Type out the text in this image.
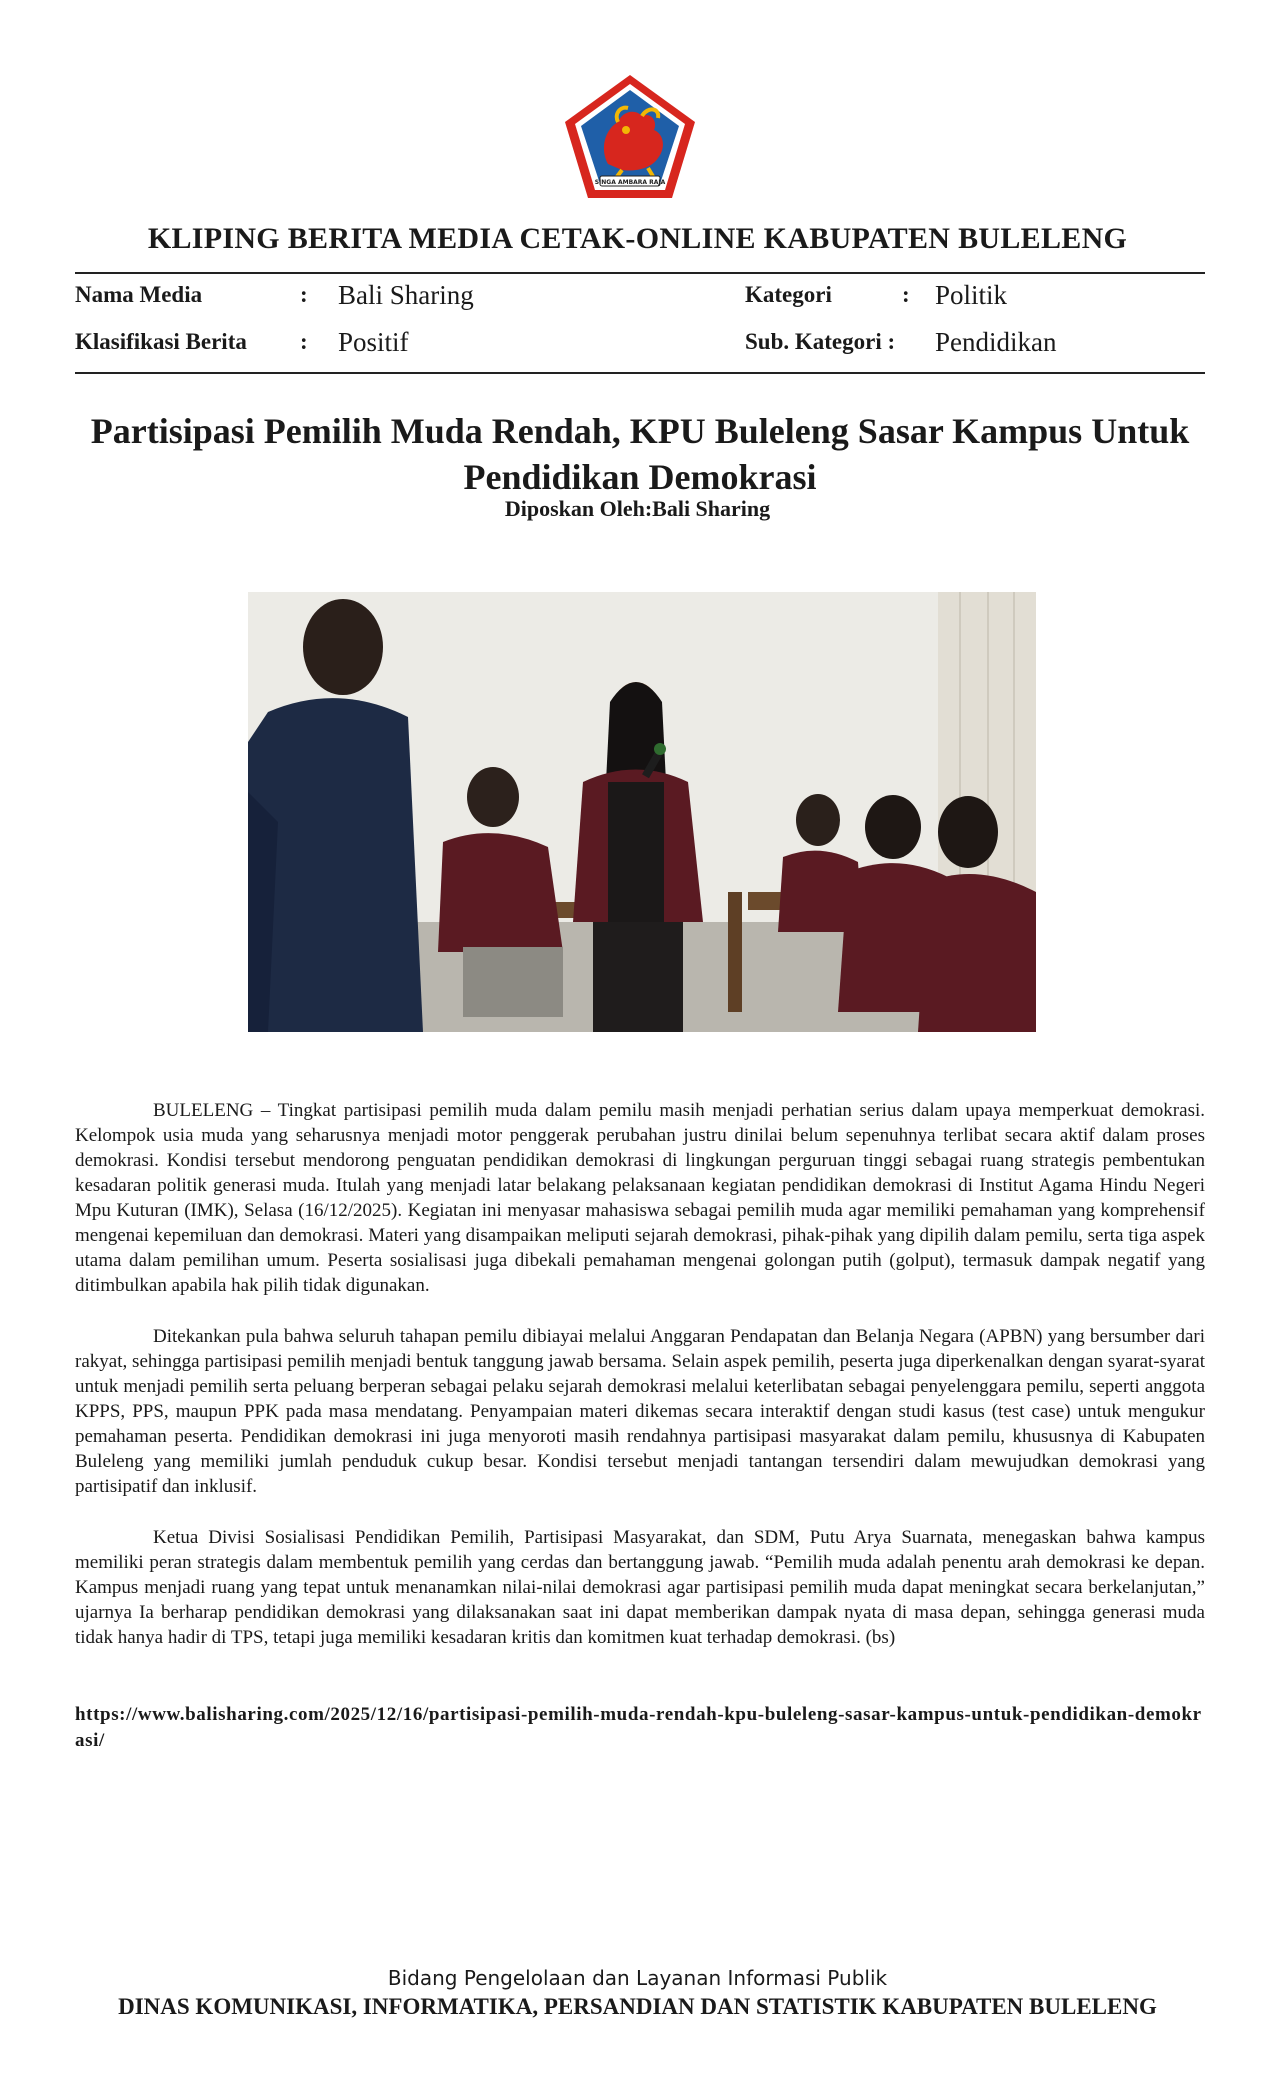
SINGA AMBARA RAJA
KLIPING BERITA MEDIA CETAK-ONLINE KABUPATEN BULELENG
Nama Media	: Bali Sharing	Kategori	: Politik
Klasifikasi Berita : Positif	Sub. Kategori : Pendidikan
Partisipasi Pemilih Muda Rendah, KPU Buleleng Sasar Kampus Untuk Pendidikan Demokrasi
Diposkan Oleh:Bali Sharing

BULELENG – Tingkat partisipasi pemilih muda dalam pemilu masih menjadi perhatian serius dalam upaya memperkuat demokrasi. Kelompok usia muda yang seharusnya menjadi motor penggerak perubahan justru dinilai belum sepenuhnya terlibat secara aktif dalam proses demokrasi. Kondisi tersebut mendorong penguatan pendidikan demokrasi di lingkungan perguruan tinggi sebagai ruang strategis pembentukan kesadaran politik generasi muda. Itulah yang menjadi latar belakang pelaksanaan kegiatan pendidikan demokrasi di Institut Agama Hindu Negeri Mpu Kuturan (IMK), Selasa (16/12/2025). Kegiatan ini menyasar mahasiswa sebagai pemilih muda agar memiliki pemahaman yang komprehensif mengenai kepemiluan dan demokrasi. Materi yang disampaikan meliputi sejarah demokrasi, pihak-pihak yang dipilih dalam pemilu, serta tiga aspek utama dalam pemilihan umum. Peserta sosialisasi juga dibekali pemahaman mengenai golongan putih (golput), termasuk dampak negatif yang ditimbulkan apabila hak pilih tidak digunakan.

Ditekankan pula bahwa seluruh tahapan pemilu dibiayai melalui Anggaran Pendapatan dan Belanja Negara (APBN) yang bersumber dari rakyat, sehingga partisipasi pemilih menjadi bentuk tanggung jawab bersama. Selain aspek pemilih, peserta juga diperkenalkan dengan syarat-syarat untuk menjadi pemilih serta peluang berperan sebagai pelaku sejarah demokrasi melalui keterlibatan sebagai penyelenggara pemilu, seperti anggota KPPS, PPS, maupun PPK pada masa mendatang. Penyampaian materi dikemas secara interaktif dengan studi kasus (test case) untuk mengukur pemahaman peserta. Pendidikan demokrasi ini juga menyoroti masih rendahnya partisipasi masyarakat dalam pemilu, khususnya di Kabupaten Buleleng yang memiliki jumlah penduduk cukup besar. Kondisi tersebut menjadi tantangan tersendiri dalam mewujudkan demokrasi yang partisipatif dan inklusif.

Ketua Divisi Sosialisasi Pendidikan Pemilih, Partisipasi Masyarakat, dan SDM, Putu Arya Suarnata, menegaskan bahwa kampus memiliki peran strategis dalam membentuk pemilih yang cerdas dan bertanggung jawab. “Pemilih muda adalah penentu arah demokrasi ke depan. Kampus menjadi ruang yang tepat untuk menanamkan nilai-nilai demokrasi agar partisipasi pemilih muda dapat meningkat secara berkelanjutan,” ujarnya Ia berharap pendidikan demokrasi yang dilaksanakan saat ini dapat memberikan dampak nyata di masa depan, sehingga generasi muda tidak hanya hadir di TPS, tetapi juga memiliki kesadaran kritis dan komitmen kuat terhadap demokrasi. (bs)

https://www.balisharing.com/2025/12/16/partisipasi-pemilih-muda-rendah-kpu-buleleng-sasar-kampus-untuk-pendidikan-demokrasi/
Bidang Pengelolaan dan Layanan Informasi Publik
DINAS KOMUNIKASI, INFORMATIKA, PERSANDIAN DAN STATISTIK KABUPATEN BULELENG
